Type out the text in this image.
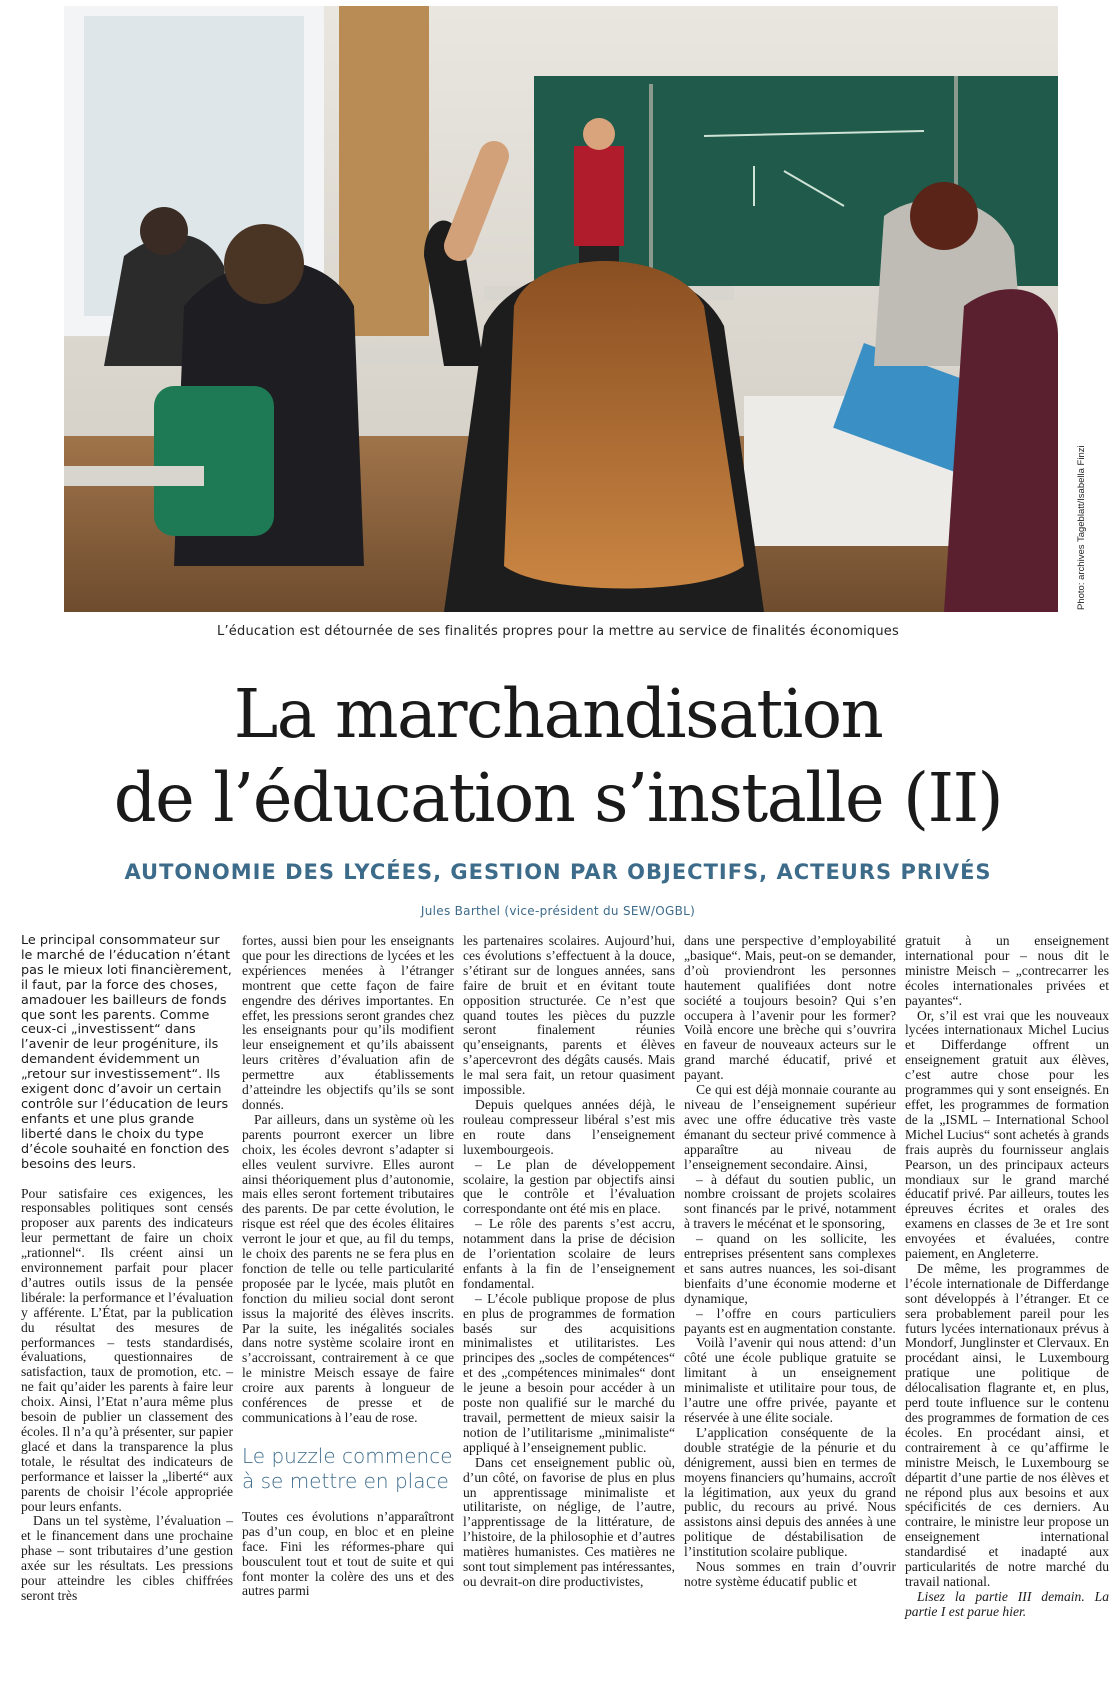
Photo: archives Tageblatt/Isabella Finzi
L’éducation est détournée de ses finalités propres pour la mettre au service de finalités économiques
La marchandisation
de l’éducation s’installe (II)
AUTONOMIE DES LYCÉES, GESTION PAR OBJECTIFS, ACTEURS PRIVÉS
Jules Barthel (vice-président du SEW/OGBL)

Le principal consommateur sur le marché de l’éducation n’étant pas le mieux loti financièrement, il faut, par la force des choses, amadouer les bailleurs de fonds que sont les parents. Comme ceux-ci „investissent“ dans l’avenir de leur progéniture, ils demandent évidemment un „retour sur investissement“. Ils exigent donc d’avoir un certain contrôle sur l’éducation de leurs enfants et une plus grande liberté dans le choix du type d’école souhaité en fonction des besoins des leurs.

Pour satisfaire ces exigences, les responsables politiques sont censés proposer aux parents des indicateurs leur permettant de faire un choix „rationnel“. Ils créent ainsi un environnement parfait pour placer d’autres outils issus de la pensée libérale: la performance et l’évaluation y afférente. L’État, par la publication du résultat des mesures de performances – tests standardisés, évaluations, questionnaires de satisfaction, taux de promotion, etc. – ne fait qu’aider les parents à faire leur choix. Ainsi, l’Etat n’aura même plus besoin de publier un classement des écoles. Il n’a qu’à présenter, sur papier glacé et dans la transparence la plus totale, le résultat des indicateurs de performance et laisser la „liberté“ aux parents de choisir l’école appropriée pour leurs enfants.

Dans un tel système, l’évaluation – et le financement dans une prochaine phase – sont tributaires d’une gestion axée sur les résultats. Les pressions pour atteindre les cibles chiffrées seront très

fortes, aussi bien pour les enseignants que pour les directions de lycées et les expériences menées à l’étranger montrent que cette façon de faire engendre des dérives importantes. En effet, les pressions seront grandes chez les enseignants pour qu’ils modifient leur enseignement et qu’ils abaissent leurs critères d’évaluation afin de permettre aux établissements d’atteindre les objectifs qu’ils se sont donnés.

Par ailleurs, dans un système où les parents pourront exercer un libre choix, les écoles devront s’adapter si elles veulent survivre. Elles auront ainsi théoriquement plus d’autonomie, mais elles seront fortement tributaires des parents. De par cette évolution, le risque est réel que des écoles élitaires verront le jour et que, au fil du temps, le choix des parents ne se fera plus en fonction de telle ou telle particularité proposée par le lycée, mais plutôt en fonction du milieu social dont seront issus la majorité des élèves inscrits. Par la suite, les inégalités sociales dans notre système scolaire iront en s’accroissant, contrairement à ce que le ministre Meisch essaye de faire croire aux parents à longueur de conférences de presse et de communications à l’eau de rose.

Le puzzle commence à se mettre en place

Toutes ces évolutions n’apparaîtront pas d’un coup, en bloc et en pleine face. Fini les réformes-phare qui bousculent tout et tout de suite et qui font monter la colère des uns et des autres parmi

les partenaires scolaires. Aujourd’hui, ces évolutions s’effectuent à la douce, s’étirant sur de longues années, sans faire de bruit et en évitant toute opposition structurée. Ce n’est que quand toutes les pièces du puzzle seront finalement réunies qu’enseignants, parents et élèves s’apercevront des dégâts causés. Mais le mal sera fait, un retour quasiment impossible.

Depuis quelques années déjà, le rouleau compresseur libéral s’est mis en route dans l’enseignement luxembourgeois.

– Le plan de développement scolaire, la gestion par objectifs ainsi que le contrôle et l’évaluation correspondante ont été mis en place.

– Le rôle des parents s’est accru, notamment dans la prise de décision de l’orientation scolaire de leurs enfants à la fin de l’enseignement fondamental.

– L’école publique propose de plus en plus de programmes de formation basés sur des acquisitions minimalistes et utilitaristes. Les principes des „socles de compétences“ et des „compétences minimales“ dont le jeune a besoin pour accéder à un poste non qualifié sur le marché du travail, permettent de mieux saisir la notion de l’utilitarisme „minimaliste“ appliqué à l’enseignement public.

Dans cet enseignement public où, d’un côté, on favorise de plus en plus un apprentissage minimaliste et utilitariste, on néglige, de l’autre, l’apprentissage de la littérature, de l’histoire, de la philosophie et d’autres matières humanistes. Ces matières ne sont tout simplement pas intéressantes, ou devrait-on dire productivistes,

dans une perspective d’employabilité „basique“. Mais, peut-on se demander, d’où proviendront les personnes hautement qualifiées dont notre société a toujours besoin? Qui s’en occupera à l’avenir pour les former? Voilà encore une brèche qui s’ouvrira en faveur de nouveaux acteurs sur le grand marché éducatif, privé et payant.

Ce qui est déjà monnaie courante au niveau de l’enseignement supérieur avec une offre éducative très vaste émanant du secteur privé commence à apparaître au niveau de l’enseignement secondaire. Ainsi,

– à défaut du soutien public, un nombre croissant de projets scolaires sont financés par le privé, notamment à travers le mécénat et le sponsoring,

– quand on les sollicite, les entreprises présentent sans complexes et sans autres nuances, les soi-disant bienfaits d’une économie moderne et dynamique,

– l’offre en cours particuliers payants est en augmentation constante.

Voilà l’avenir qui nous attend: d’un côté une école publique gratuite se limitant à un enseignement minimaliste et utilitaire pour tous, de l’autre une offre privée, payante et réservée à une élite sociale.

L’application conséquente de la double stratégie de la pénurie et du dénigrement, aussi bien en termes de moyens financiers qu’humains, accroît la légitimation, aux yeux du grand public, du recours au privé. Nous assistons ainsi depuis des années à une politique de déstabilisation de l’institution scolaire publique.

Nous sommes en train d’ouvrir notre système éducatif public et

gratuit à un enseignement international pour – nous dit le ministre Meisch – „contrecarrer les écoles internationales privées et payantes“.

Or, s’il est vrai que les nouveaux lycées internationaux Michel Lucius et Differdange offrent un enseignement gratuit aux élèves, c’est autre chose pour les programmes qui y sont enseignés. En effet, les programmes de formation de la „ISML – International School Michel Lucius“ sont achetés à grands frais auprès du fournisseur anglais Pearson, un des principaux acteurs mondiaux sur le grand marché éducatif privé. Par ailleurs, toutes les épreuves écrites et orales des examens en classes de 3e et 1re sont envoyées et évaluées, contre paiement, en Angleterre.

De même, les programmes de l’école internationale de Differdange sont développés à l’étranger. Et ce sera probablement pareil pour les futurs lycées internationaux prévus à Mondorf, Junglinster et Clervaux. En procédant ainsi, le Luxembourg pratique une politique de délocalisation flagrante et, en plus, perd toute influence sur le contenu des programmes de formation de ces écoles. En procédant ainsi, et contrairement à ce qu’affirme le ministre Meisch, le Luxembourg se départit d’une partie de nos élèves et ne répond plus aux besoins et aux spécificités de ces derniers. Au contraire, le ministre leur propose un enseignement international standardisé et inadapté aux particularités de notre marché du travail national.

Lisez la partie III demain. La partie I est parue hier.
